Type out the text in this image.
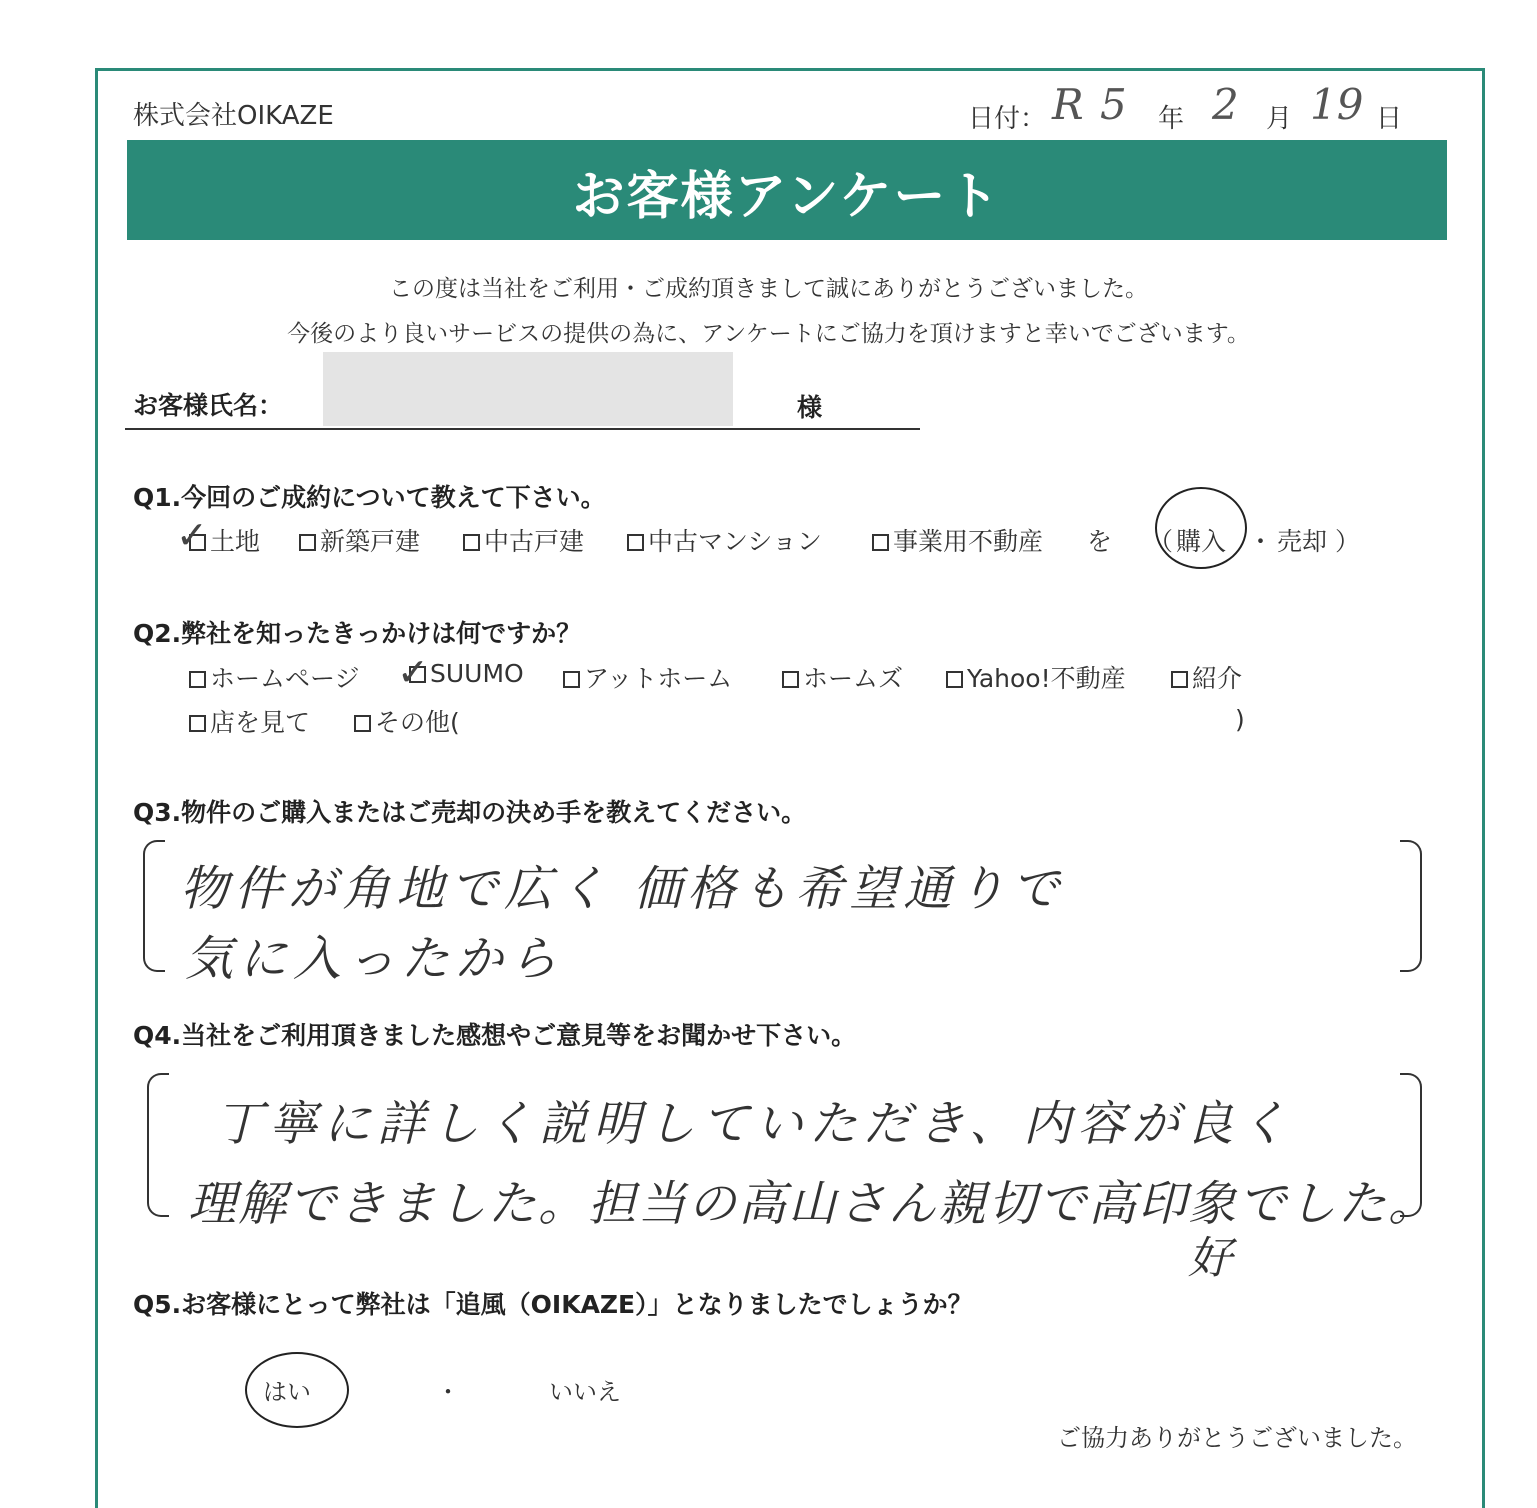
株式会社OIKAZE	日付： R 5 年 2 月 19 日
お客様アンケート
この度は当社をご利用・ご成約頂きまして誠にありがとうございました。
今後のより良いサービスの提供の為に、アンケートにご協力を頂けますと幸いでございます。
お客様氏名：	様
Q1.今回のご成約について教えて下さい。
土地
✓	新築戸建	中古戸建	中古マンション	事業用不動産 を （ 購入 ・ 売却 ）
Q2.弊社を知ったきっかけは何ですか？
ホームページ	SUUMO
✓	アットホーム	ホームズ	Yahoo!不動産	紹介
店を見て	その他(	)
Q3.物件のご購入またはご売却の決め手を教えてください。
物件が角地で広く 価格も希望通りで
気に入ったから
Q4.当社をご利用頂きました感想やご意見等をお聞かせ下さい。
丁寧に詳しく説明していただき、内容が良く
理解できました。担当の高山さん親切で高印象でした。
好
Q5.お客様にとって弊社は「追風（OIKAZE）」となりましたでしょうか？
はい	・	いいえ
ご協力ありがとうございました。
